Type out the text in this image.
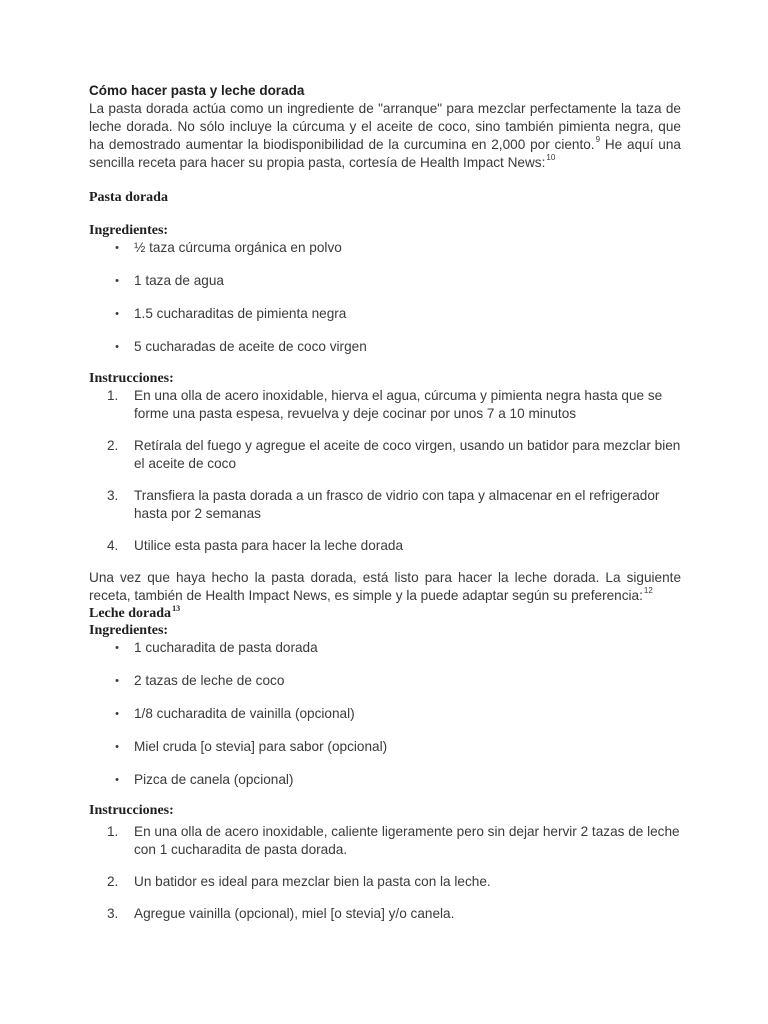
Cómo hacer pasta y leche dorada

La pasta dorada actúa como un ingrediente de "arranque" para mezclar perfectamente la taza de leche dorada. No sólo incluye la cúrcuma y el aceite de coco, sino también pimienta negra, que ha demostrado aumentar la biodisponibilidad de la curcumina en 2,000 por ciento.$^9$ He aquí una sencilla receta para hacer su propia pasta, cortesía de Health Impact News:$^{10}$

Pasta dorada
Ingredientes:
• ½ taza cúrcuma orgánica en polvo
• 1 taza de agua
• 1.5 cucharaditas de pimienta negra
• 5 cucharadas de aceite de coco virgen
Instrucciones:
1.	En una olla de acero inoxidable, hierva el agua, cúrcuma y pimienta negra hasta que se forme una pasta espesa, revuelva y deje cocinar por unos 7 a 10 minutos
2.	Retírala del fuego y agregue el aceite de coco virgen, usando un batidor para mezclar bien el aceite de coco
3.	Transfiera la pasta dorada a un frasco de vidrio con tapa y almacenar en el refrigerador hasta por 2 semanas
4.	Utilice esta pasta para hacer la leche dorada

Una vez que haya hecho la pasta dorada, está listo para hacer la leche dorada. La siguiente receta, también de Health Impact News, es simple y la puede adaptar según su preferencia:$^{12}$

Leche dorada$^{13}$
Ingredientes:
• 1 cucharadita de pasta dorada
• 2 tazas de leche de coco
• 1/8 cucharadita de vainilla (opcional)
• Miel cruda [o stevia] para sabor (opcional)
• Pizca de canela (opcional)
Instrucciones:
1.	En una olla de acero inoxidable, caliente ligeramente pero sin dejar hervir 2 tazas de leche con 1 cucharadita de pasta dorada.
2.	Un batidor es ideal para mezclar bien la pasta con la leche.
3.	Agregue vainilla (opcional), miel [o stevia] y/o canela.
